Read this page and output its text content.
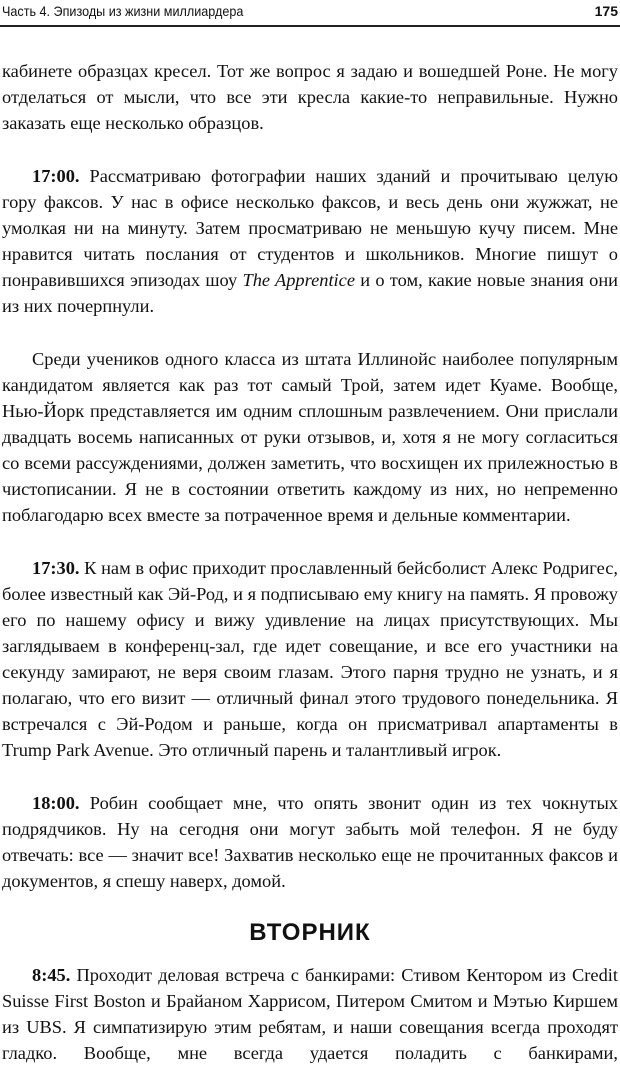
Часть 4. Эпизоды из жизни миллиардера	175

кабинете образцах кресел. Тот же вопрос я задаю и вошедшей Роне. Не могу отделаться от мысли, что все эти кресла какие-то неправильные. Нужно заказать еще несколько образцов.

17:00. Рассматриваю фотографии наших зданий и прочитываю целую гору факсов. У нас в офисе несколько факсов, и весь день они жужжат, не умолкая ни на минуту. Затем просматриваю не меньшую кучу писем. Мне нравится читать послания от студентов и школьников. Многие пишут о понравившихся эпизодах шоу The Apprentice и о том, какие новые знания они из них почерпнули.

Среди учеников одного класса из штата Иллинойс наиболее популярным кандидатом является как раз тот самый Трой, затем идет Куаме. Вообще, Нью-Йорк представляется им одним сплошным развлечением. Они прислали двадцать восемь написанных от руки отзывов, и, хотя я не могу согласиться со всеми рассуждениями, должен заметить, что восхищен их прилежностью в чистописании. Я не в состоянии ответить каждому из них, но непременно поблагодарю всех вместе за потраченное время и дельные комментарии.

17:30. К нам в офис приходит прославленный бейсболист Алекс Родригес, более известный как Эй-Род, и я подписываю ему книгу на память. Я провожу его по нашему офису и вижу удивление на лицах присутствующих. Мы заглядываем в конференц-зал, где идет совещание, и все его участники на секунду замирают, не веря своим глазам. Этого парня трудно не узнать, и я полагаю, что его визит — отличный финал этого трудового понедельника. Я встречался с Эй-Родом и раньше, когда он присматривал апартаменты в Trump Park Avenue. Это отличный парень и талантливый игрок.

18:00. Робин сообщает мне, что опять звонит один из тех чокнутых подрядчиков. Ну на сегодня они могут забыть мой телефон. Я не буду отвечать: все — значит все! Захватив несколько еще не прочитанных факсов и документов, я спешу наверх, домой.

ВТОРНИК

8:45. Проходит деловая встреча с банкирами: Стивом Кентором из Credit Suisse First Boston и Брайаном Харрисом, Питером Смитом и Мэтью Киршем из UBS. Я симпатизирую этим ребятам, и наши совещания всегда проходят гладко. Вообще, мне всегда удается поладить с банкирами,
